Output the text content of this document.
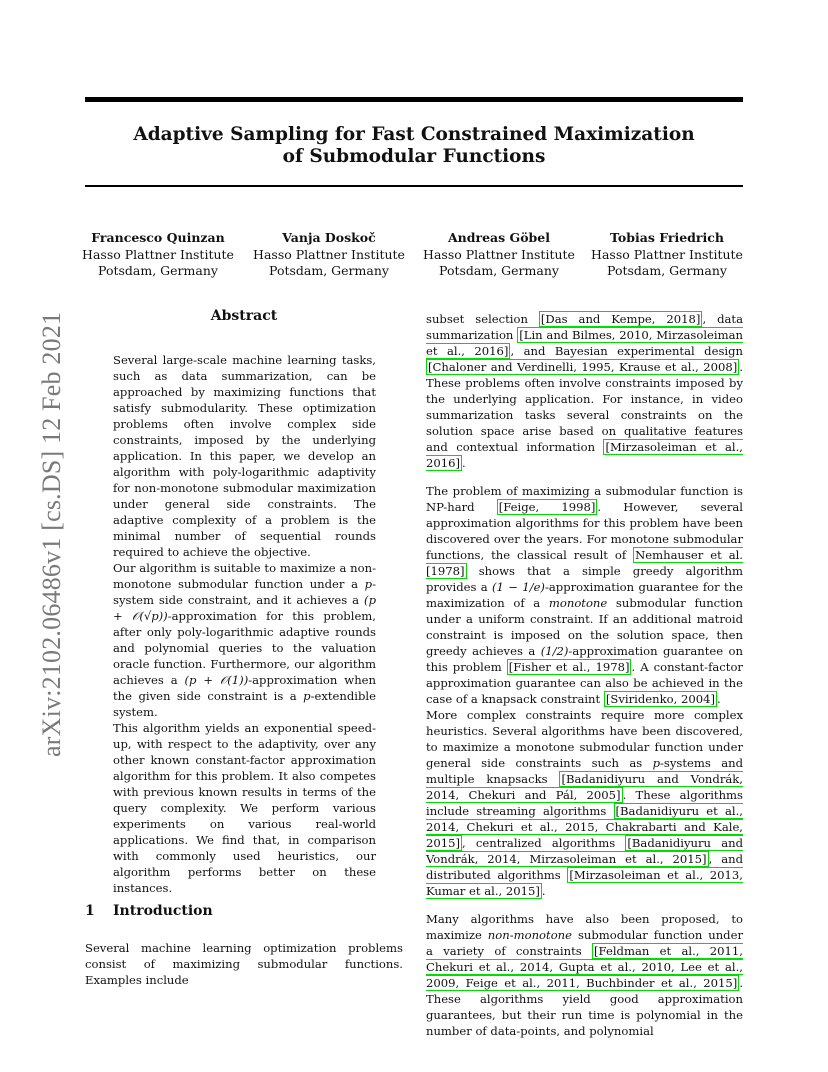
Adaptive Sampling for Fast Constrained Maximization
of Submodular Functions
Francesco Quinzan
Hasso Plattner Institute
Potsdam, Germany
Vanja Doskoč
Hasso Plattner Institute
Potsdam, Germany
Andreas Göbel
Hasso Plattner Institute
Potsdam, Germany
Tobias Friedrich
Hasso Plattner Institute
Potsdam, Germany
arXiv:2102.06486v1 [cs.DS] 12 Feb 2021	Abstract

Several large-scale machine learning tasks, such as data summarization, can be approached by maximizing functions that satisfy submodularity. These optimization problems often involve complex side constraints, imposed by the underlying application. In this paper, we develop an algorithm with poly-logarithmic adaptivity for non-monotone submodular maximization under general side constraints. The adaptive complexity of a problem is the minimal number of sequential rounds required to achieve the objective.

Our algorithm is suitable to maximize a non-monotone submodular function under a p-system side constraint, and it achieves a (p + 𝒪(√p))-approximation for this problem, after only poly-logarithmic adaptive rounds and polynomial queries to the valuation oracle function. Furthermore, our algorithm achieves a (p + 𝒪(1))-approximation when the given side constraint is a p-extendible system.

This algorithm yields an exponential speed-up, with respect to the adaptivity, over any other known constant-factor approximation algorithm for this problem. It also competes with previous known results in terms of the query complexity. We perform various experiments on various real-world applications. We find that, in comparison with commonly used heuristics, our algorithm performs better on these instances.

1 Introduction

Several machine learning optimization problems consist of maximizing submodular functions. Examples include

subset selection [Das and Kempe, 2018] , data summarization [Lin and Bilmes, 2010, Mirzasoleiman et al., 2016] , and Bayesian experimental design [Chaloner and Verdinelli, 1995, Krause et al., 2008] . These problems often involve constraints imposed by the underlying application. For instance, in video summarization tasks several constraints on the solution space arise based on qualitative features and contextual information [Mirzasoleiman et al., 2016] .

The problem of maximizing a submodular function is NP-hard [Feige, 1998] . However, several approximation algorithms for this problem have been discovered over the years. For monotone submodular functions, the classical result of Nemhauser et al. [1978] shows that a simple greedy algorithm provides a (1 − 1/e)-approximation guarantee for the maximization of a monotone submodular function under a uniform constraint. If an additional matroid constraint is imposed on the solution space, then greedy achieves a (1/2)-approximation guarantee on this problem [Fisher et al., 1978] . A constant-factor approximation guarantee can also be achieved in the case of a knapsack constraint [Sviridenko, 2004] .

More complex constraints require more complex heuristics. Several algorithms have been discovered, to maximize a monotone submodular function under general side constraints such as p-systems and multiple knapsacks [Badanidiyuru and Vondrák, 2014, Chekuri and Pál, 2005] . These algorithms include streaming algorithms [Badanidiyuru et al., 2014, Chekuri et al., 2015, Chakrabarti and Kale, 2015] , centralized algorithms [Badanidiyuru and Vondrák, 2014, Mirzasoleiman et al., 2015] , and distributed algorithms [Mirzasoleiman et al., 2013, Kumar et al., 2015] .

Many algorithms have also been proposed, to maximize non-monotone submodular function under a variety of constraints [Feldman et al., 2011, Chekuri et al., 2014, Gupta et al., 2010, Lee et al., 2009, Feige et al., 2011, Buchbinder et al., 2015] . These algorithms yield good approximation guarantees, but their run time is polynomial in the number of data-points, and polynomial
